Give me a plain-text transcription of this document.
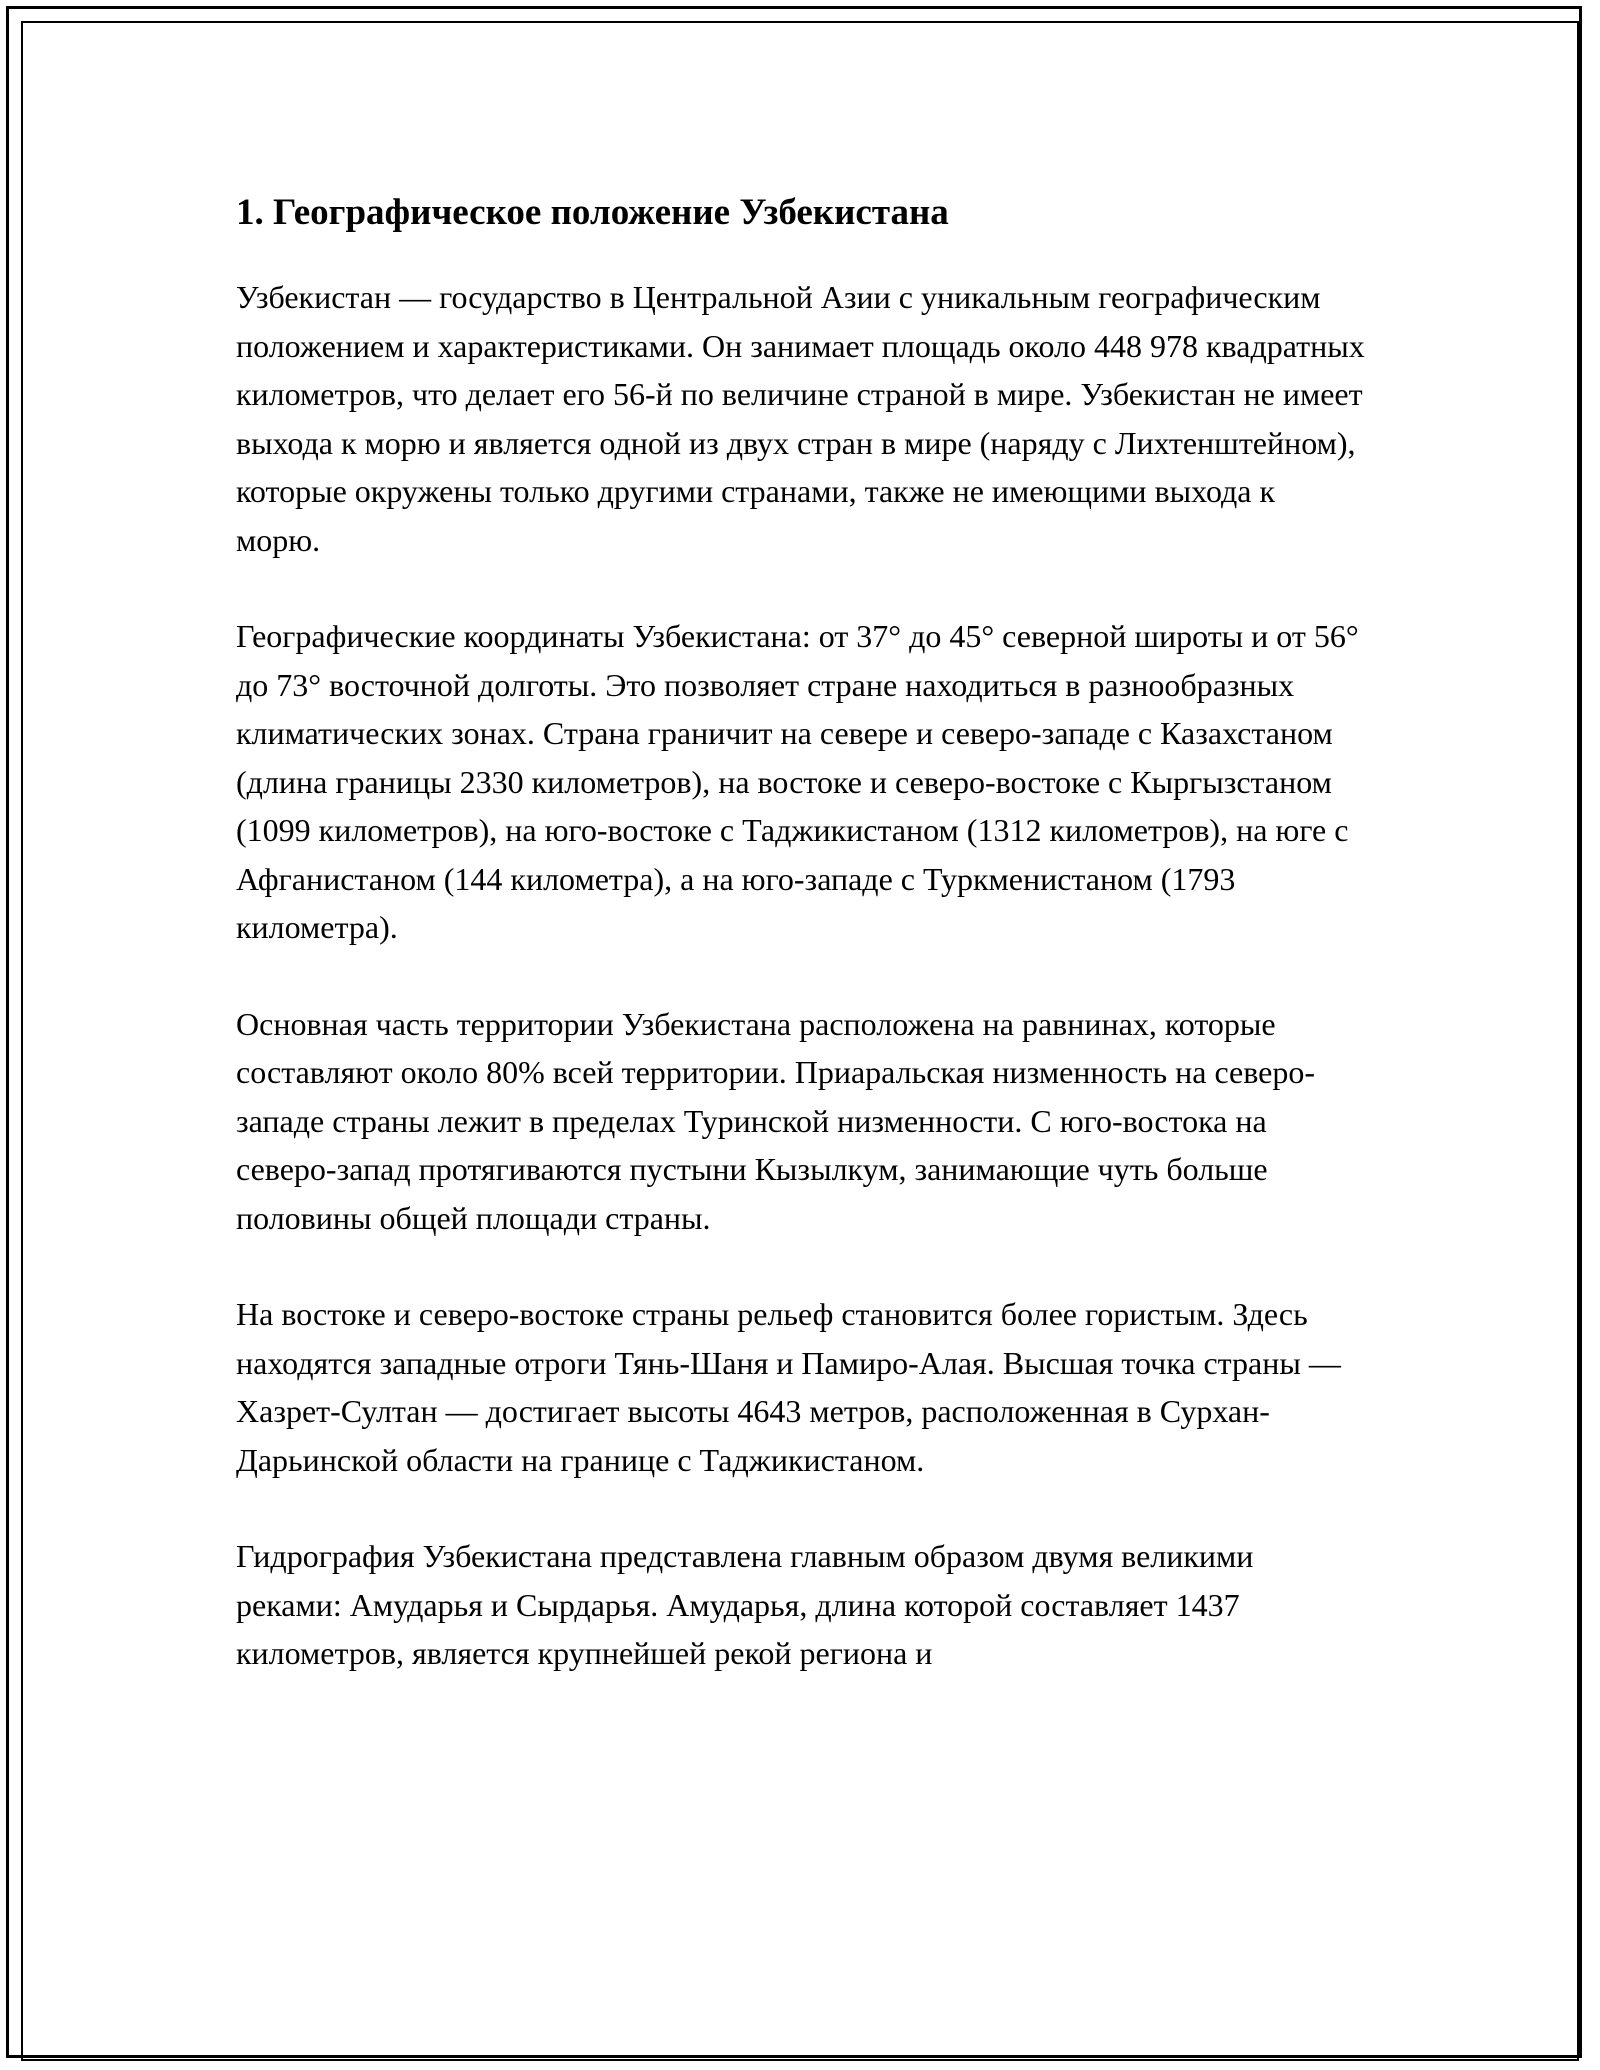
1. Географическое положение Узбекистана

Узбекистан — государство в Центральной Азии с уникальным географическим положением и характеристиками. Он занимает площадь около 448 978 квадратных километров, что делает его 56-й по величине страной в мире. Узбекистан не имеет выхода к морю и является одной из двух стран в мире (наряду с Лихтенштейном), которые окружены только другими странами, также не имеющими выхода к морю.

Географические координаты Узбекистана: от 37° до 45° северной широты и от 56° до 73° восточной долготы. Это позволяет стране находиться в разнообразных климатических зонах. Страна граничит на севере и северо-западе с Казахстаном (длина границы 2330 километров), на востоке и северо-востоке с Кыргызстаном (1099 километров), на юго-востоке с Таджикистаном (1312 километров), на юге с Афганистаном (144 километра), а на юго-западе с Туркменистаном (1793 километра).

Основная часть территории Узбекистана расположена на равнинах, которые составляют около 80% всей территории. Приаральская низменность на северо-западе страны лежит в пределах Туринской низменности. С юго-востока на северо-запад протягиваются пустыни Кызылкум, занимающие чуть больше половины общей площади страны.

На востоке и северо-востоке страны рельеф становится более гористым. Здесь находятся западные отроги Тянь-Шаня и Памиро-Алая. Высшая точка страны — Хазрет-Султан — достигает высоты 4643 метров, расположенная в Сурхан-Дарьинской области на границе с Таджикистаном.

Гидрография Узбекистана представлена главным образом двумя великими реками: Амударья и Сырдарья. Амударья, длина которой составляет 1437 километров, является крупнейшей рекой региона и
